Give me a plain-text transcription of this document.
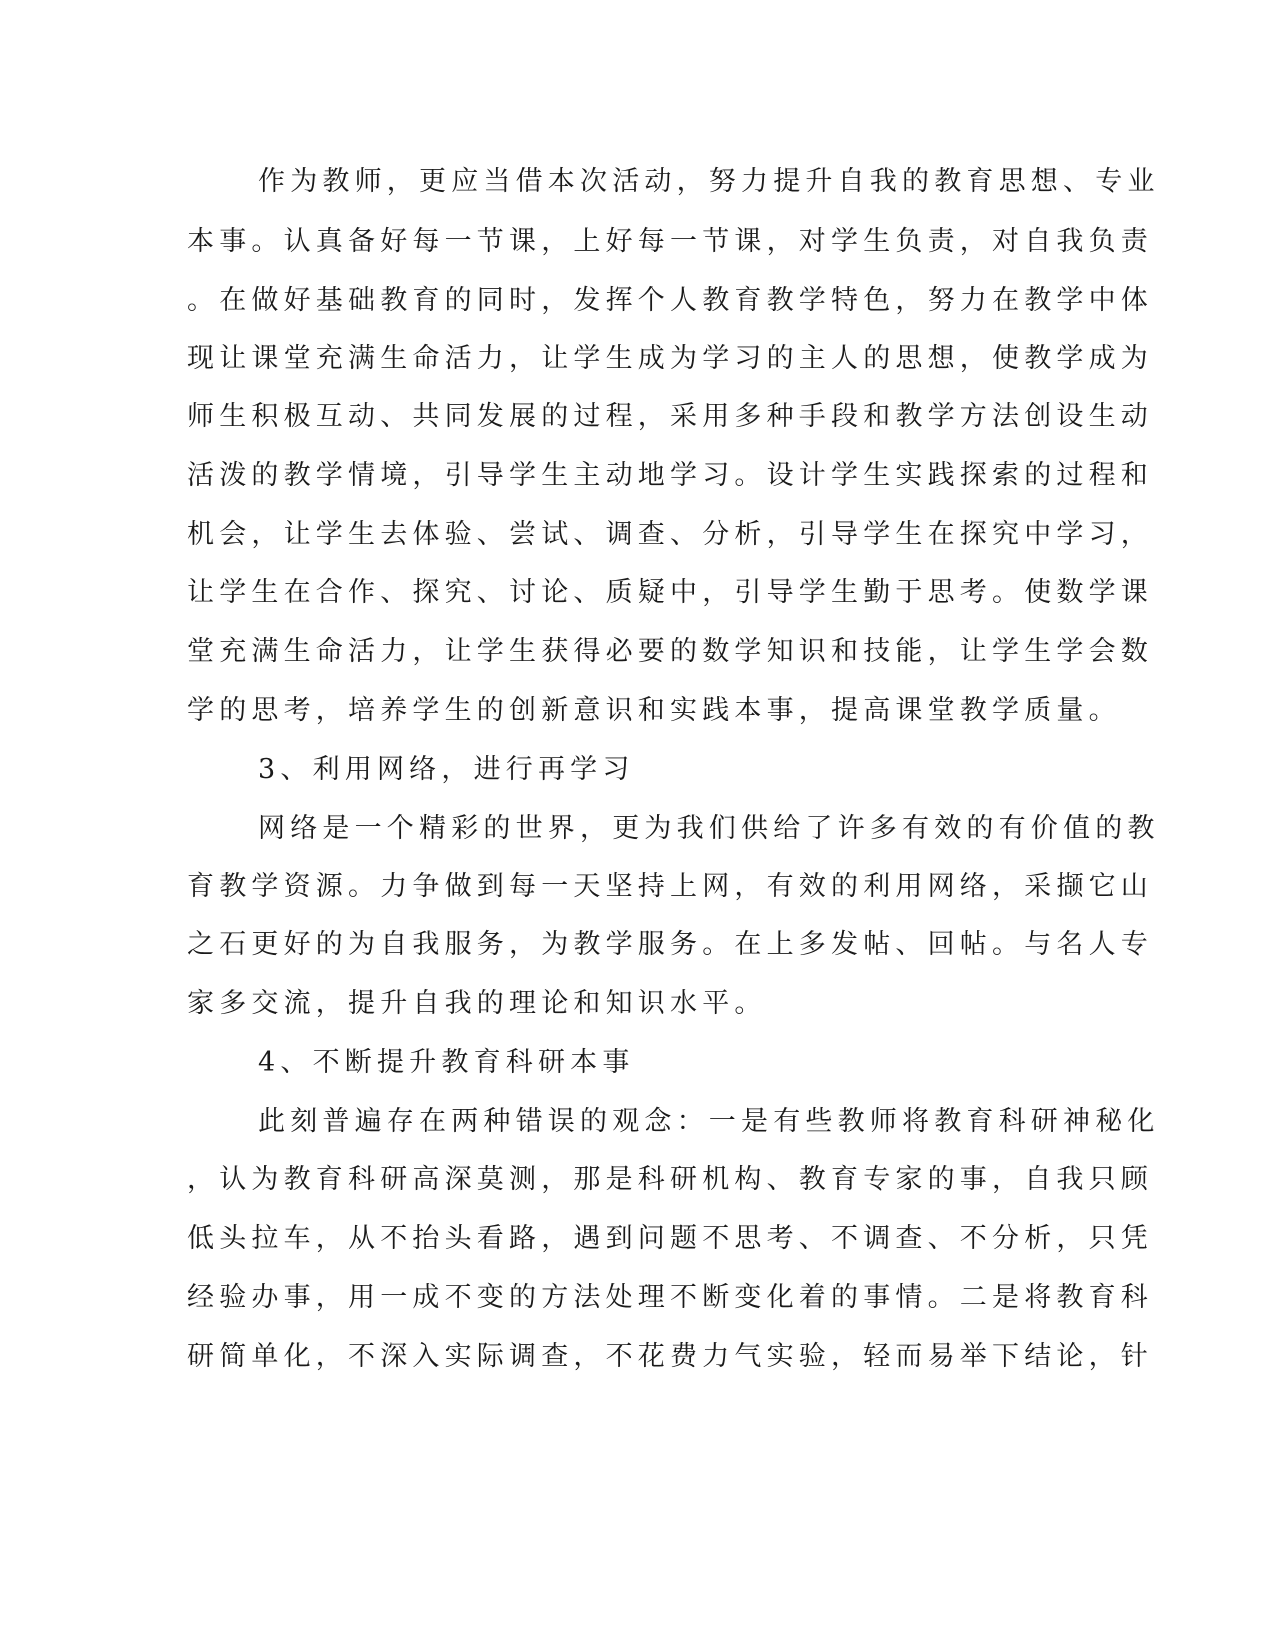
作为教师，更应当借本次活动，努力提升自我的教育思想、专业

本事。认真备好每一节课，上好每一节课，对学生负责，对自我负责

。在做好基础教育的同时，发挥个人教育教学特色，努力在教学中体

现让课堂充满生命活力，让学生成为学习的主人的思想，使教学成为

师生积极互动、共同发展的过程，采用多种手段和教学方法创设生动

活泼的教学情境，引导学生主动地学习。设计学生实践探索的过程和

机会，让学生去体验、尝试、调查、分析，引导学生在探究中学习，

让学生在合作、探究、讨论、质疑中，引导学生勤于思考。使数学课

堂充满生命活力，让学生获得必要的数学知识和技能，让学生学会数

学的思考，培养学生的创新意识和实践本事，提高课堂教学质量。

3、利用网络，进行再学习

网络是一个精彩的世界，更为我们供给了许多有效的有价值的教

育教学资源。力争做到每一天坚持上网，有效的利用网络，采撷它山

之石更好的为自我服务，为教学服务。在上多发帖、回帖。与名人专

家多交流，提升自我的理论和知识水平。

4、不断提升教育科研本事

此刻普遍存在两种错误的观念：一是有些教师将教育科研神秘化

，认为教育科研高深莫测，那是科研机构、教育专家的事，自我只顾

低头拉车，从不抬头看路，遇到问题不思考、不调查、不分析，只凭

经验办事，用一成不变的方法处理不断变化着的事情。二是将教育科

研简单化，不深入实际调查，不花费力气实验，轻而易举下结论，针
